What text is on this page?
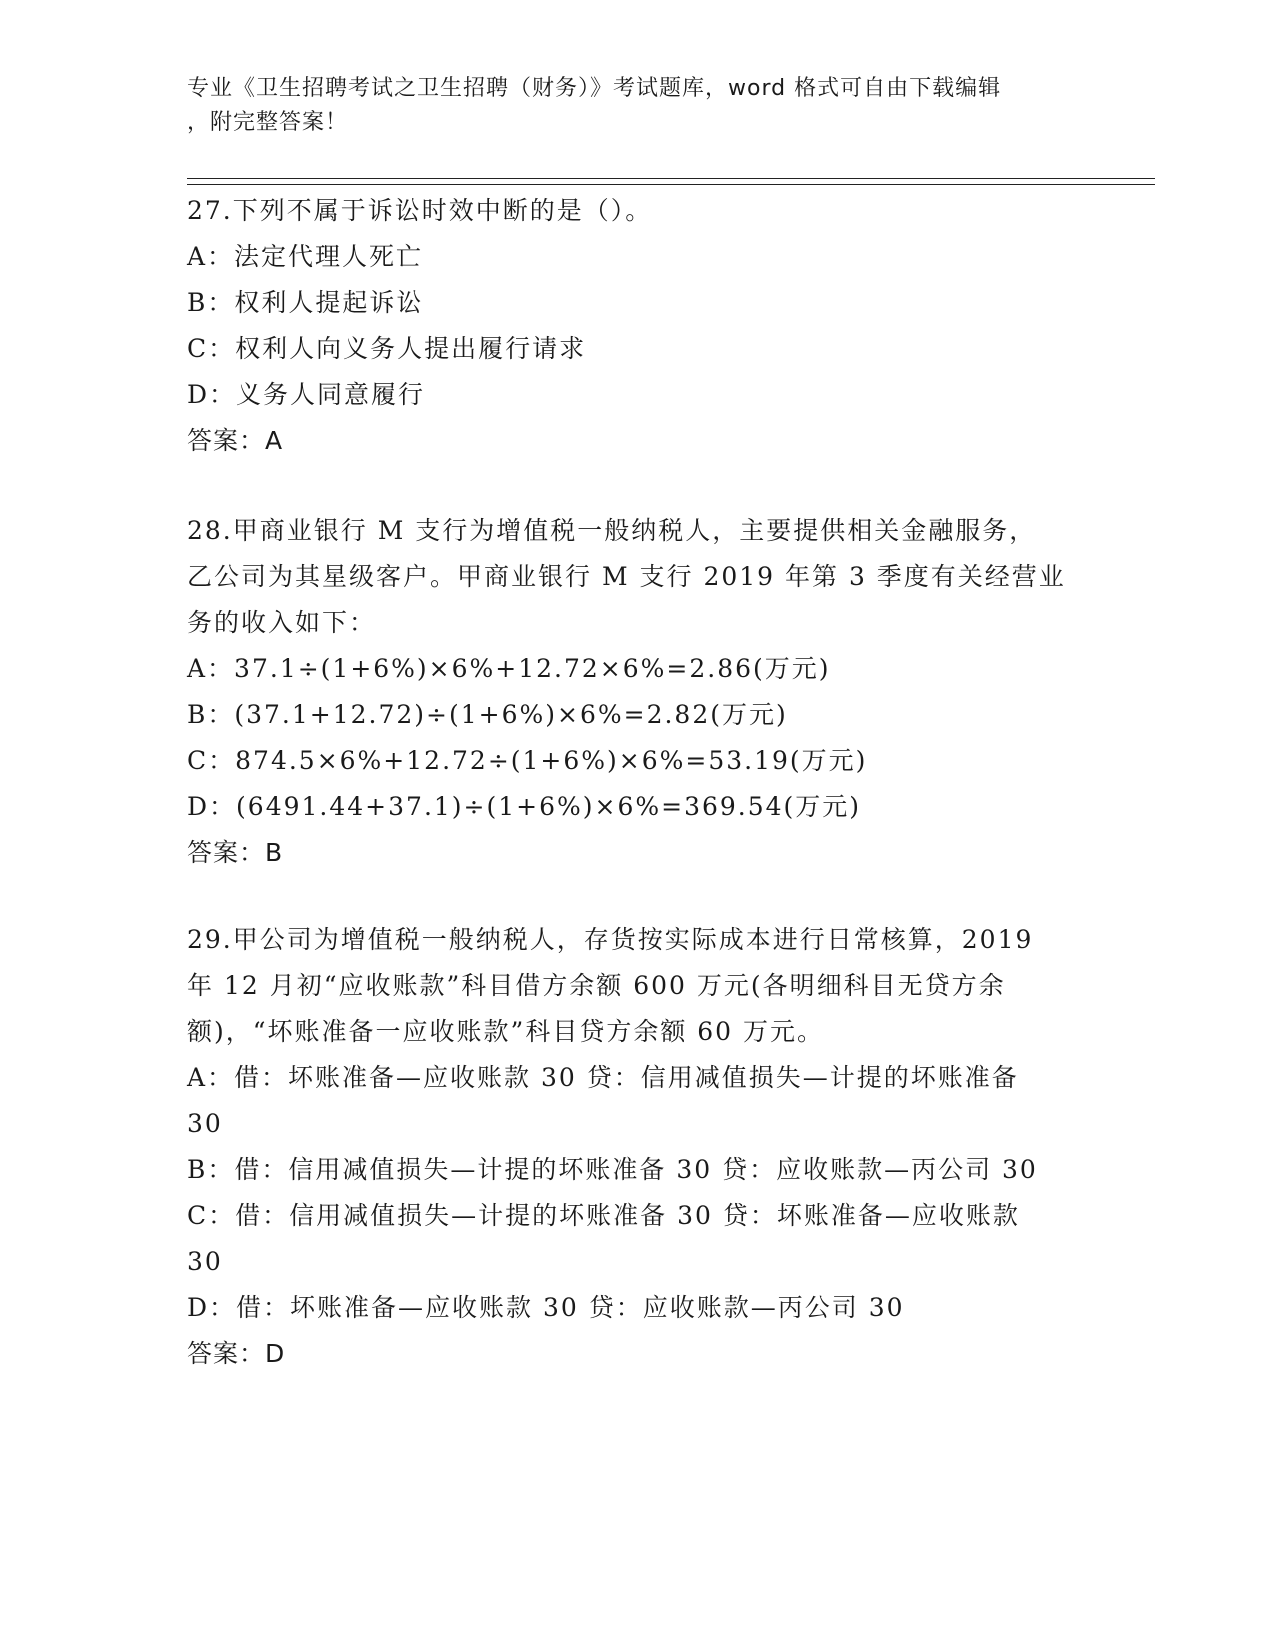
专业《卫生招聘考试之卫生招聘（财务）》考试题库，word 格式可自由下载编辑
，附完整答案！
27.下列不属于诉讼时效中断的是（）。
A：法定代理人死亡
B：权利人提起诉讼
C：权利人向义务人提出履行请求
D：义务人同意履行
答案：A
28.甲商业银行 M 支行为增值税一般纳税人，主要提供相关金融服务，
乙公司为其星级客户。甲商业银行 M 支行 2019 年第 3 季度有关经营业
务的收入如下：
A：37.1÷(1+6%)×6%+12.72×6%=2.86(万元)
B：(37.1+12.72)÷(1+6%)×6%=2.82(万元)
C：874.5×6%+12.72÷(1+6%)×6%=53.19(万元)
D：(6491.44+37.1)÷(1+6%)×6%=369.54(万元)
答案：B
29.甲公司为增值税一般纳税人，存货按实际成本进行日常核算，2019
年 12 月初“应收账款”科目借方余额 600 万元(各明细科目无贷方余
额)，“坏账准备一应收账款”科目贷方余额 60 万元。
A：借：坏账准备—应收账款 30 贷：信用减值损失—计提的坏账准备
30
B：借：信用减值损失—计提的坏账准备 30 贷：应收账款—丙公司 30
C：借：信用减值损失—计提的坏账准备 30 贷：坏账准备—应收账款
30
D：借：坏账准备—应收账款 30 贷：应收账款—丙公司 30
答案：D
